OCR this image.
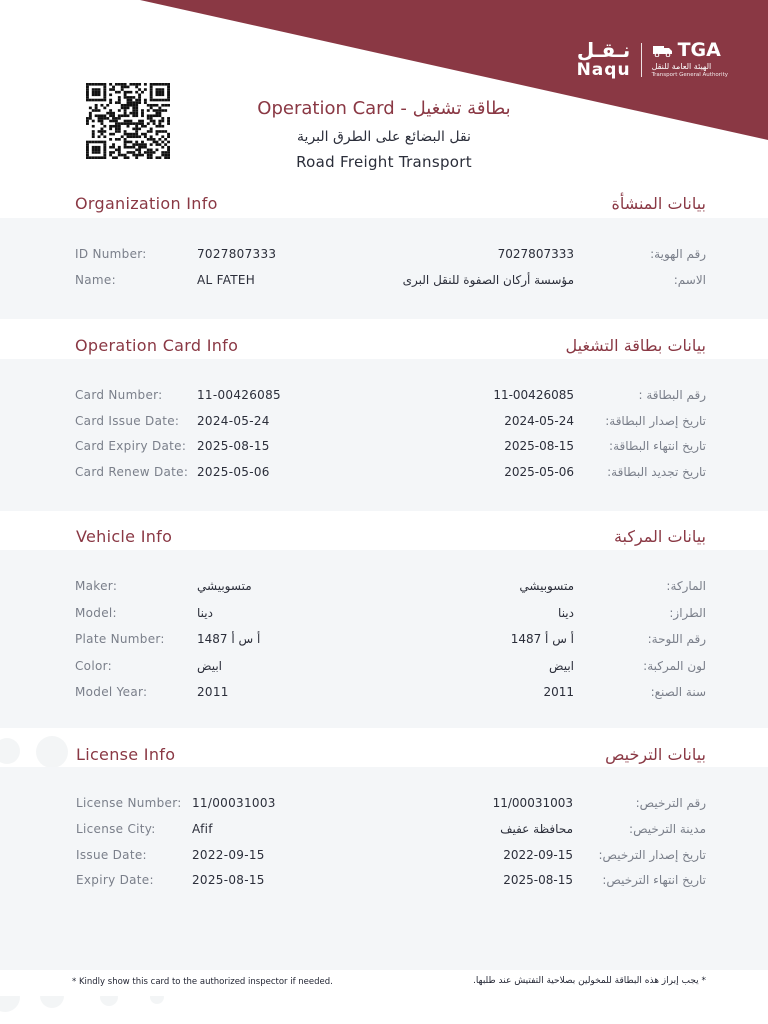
نـقـل
Naqu
TGA
الهيئة العامة للنقل
Transport General Authority
Operation Card - بطاقة تشغيل
نقل البضائع على الطرق البرية
Road Freight Transport
Organization Info	بيانات المنشأة
ID Number:	7027807333	7027807333	رقم الهوية:
Name:	AL FATEH	مؤسسة أركان الصفوة للنقل البرى	الاسم:
Operation Card Info	بيانات بطاقة التشغيل
Card Number:	11-00426085	11-00426085	رقم البطاقة :
Card Issue Date: 2024-05-24	2024-05-24	تاريخ إصدار البطاقة:
Card Expiry Date: 2025-08-15	2025-08-15	تاريخ انتهاء البطاقة:
Card Renew Date: 2025-05-06	2025-05-06	تاريخ تجديد البطاقة:
Vehicle Info	بيانات المركبة
Maker:	متسوبيشي	متسوبيشي	الماركة:
Model:	دينا	دينا	الطراز:
Plate Number:	أ س أ 1487	أ س أ 1487	رقم اللوحة:
Color:	ابيض	ابيض	لون المركبة:
Model Year:	2011	2011	سنة الصنع:
License Info	بيانات الترخيص
License Number: 11/00031003	11/00031003	رقم الترخيص:
License City:	Afif	محافظة عفيف	مدينة الترخيص:
Issue Date:	2022-09-15	2022-09-15 تاريخ إصدار الترخيص:
Expiry Date:	2025-08-15	2025-08-15 تاريخ انتهاء الترخيص:
* Kindly show this card to the authorized inspector if needed.	* يجب إبراز هذه البطاقة للمخولين بصلاحية التفتيش عند طلبها.
